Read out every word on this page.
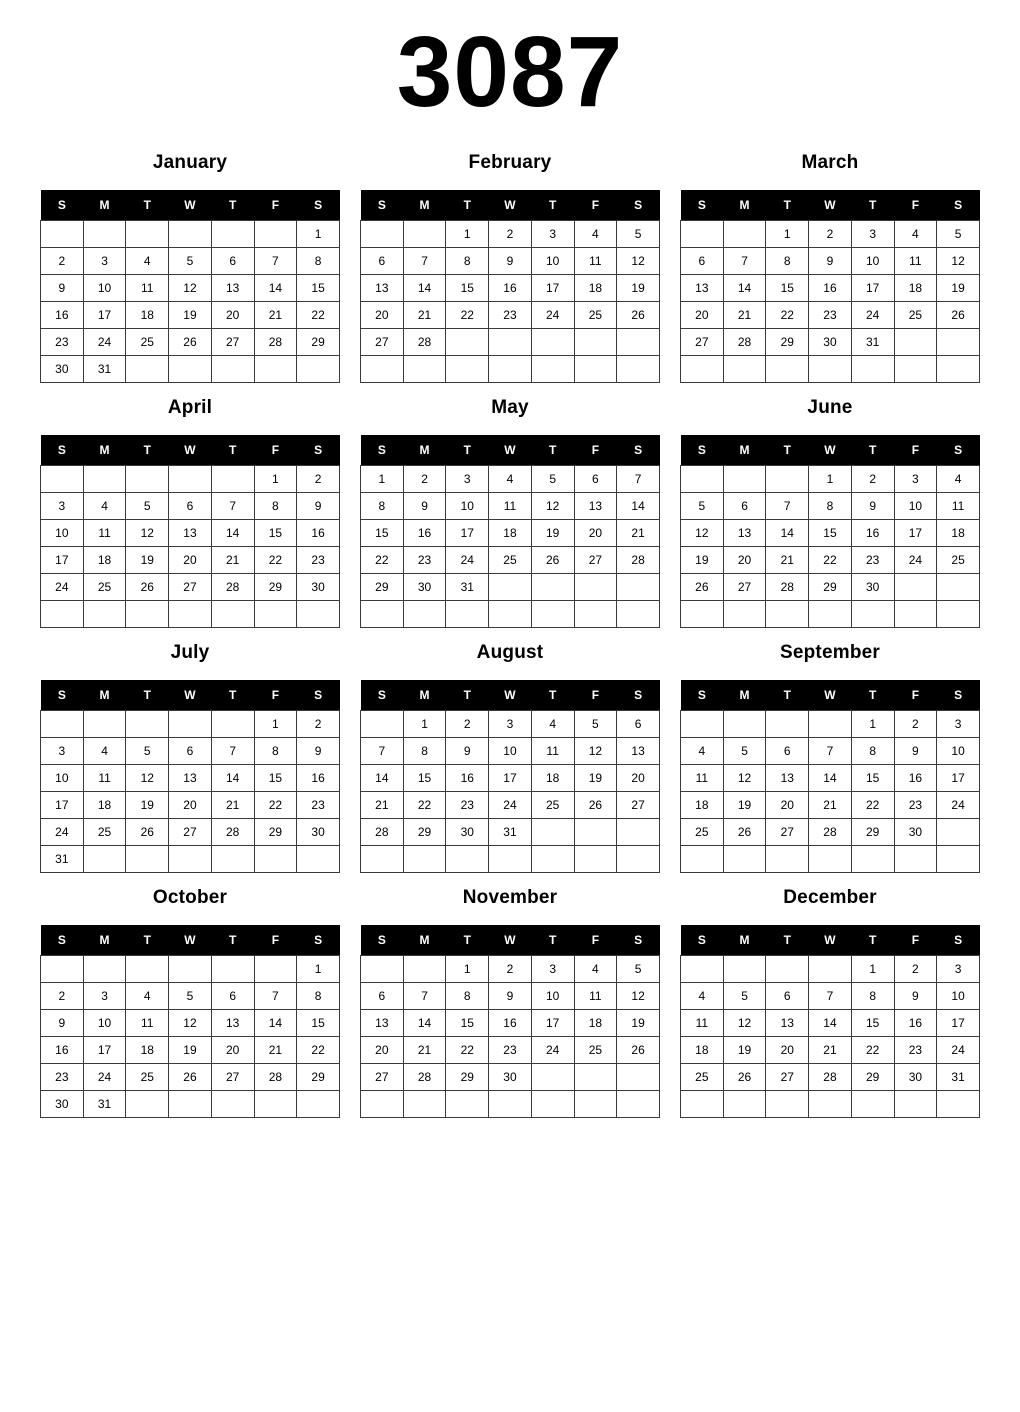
3087
January
S	M	T	W	T	F	S
						1
2	3	4	5	6	7	8
9	10	11	12	13	14	15
16	17	18	19	20	21	22
23	24	25	26	27	28	29
30	31					
February
S	M	T	W	T	F	S
		1	2	3	4	5
6	7	8	9	10	11	12
13	14	15	16	17	18	19
20	21	22	23	24	25	26
27	28					

March
S	M	T	W	T	F	S
		1	2	3	4	5
6	7	8	9	10	11	12
13	14	15	16	17	18	19
20	21	22	23	24	25	26
27	28	29	30	31		

April
S	M	T	W	T	F	S
					1	2
3	4	5	6	7	8	9
10	11	12	13	14	15	16
17	18	19	20	21	22	23
24	25	26	27	28	29	30

May
S	M	T	W	T	F	S
1	2	3	4	5	6	7
8	9	10	11	12	13	14
15	16	17	18	19	20	21
22	23	24	25	26	27	28
29	30	31				

June
S	M	T	W	T	F	S
			1	2	3	4
5	6	7	8	9	10	11
12	13	14	15	16	17	18
19	20	21	22	23	24	25
26	27	28	29	30		

July
S	M	T	W	T	F	S
					1	2
3	4	5	6	7	8	9
10	11	12	13	14	15	16
17	18	19	20	21	22	23
24	25	26	27	28	29	30
31						
August
S	M	T	W	T	F	S
	1	2	3	4	5	6
7	8	9	10	11	12	13
14	15	16	17	18	19	20
21	22	23	24	25	26	27
28	29	30	31			

September
S	M	T	W	T	F	S
				1	2	3
4	5	6	7	8	9	10
11	12	13	14	15	16	17
18	19	20	21	22	23	24
25	26	27	28	29	30	

October
S	M	T	W	T	F	S
						1
2	3	4	5	6	7	8
9	10	11	12	13	14	15
16	17	18	19	20	21	22
23	24	25	26	27	28	29
30	31					
November
S	M	T	W	T	F	S
		1	2	3	4	5
6	7	8	9	10	11	12
13	14	15	16	17	18	19
20	21	22	23	24	25	26
27	28	29	30			

December
S	M	T	W	T	F	S
				1	2	3
4	5	6	7	8	9	10
11	12	13	14	15	16	17
18	19	20	21	22	23	24
25	26	27	28	29	30	31
